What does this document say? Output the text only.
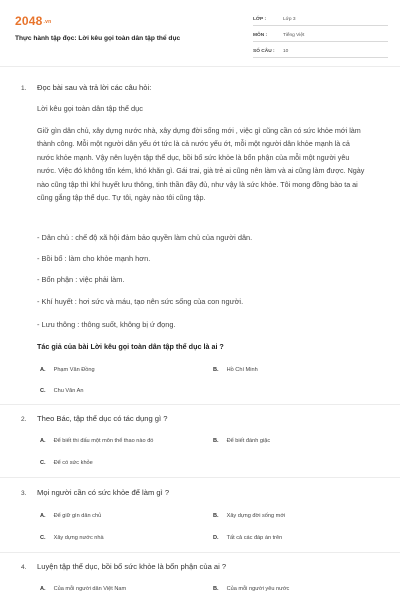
2048.vn
Thực hành tập đọc: Lời kêu gọi toàn dân tập thể dục
LỚP :	Lớp 3
MÔN :	Tiếng Việt
SỐ CÂU :	10
1. Đọc bài sau và trả lời các câu hỏi:
Lời kêu gọi toàn dân tập thể dục
Giữ gìn dân chủ, xây dựng nước nhà, xây dựng đời sống mới , việc gì cũng cần có sức khỏe mới làm thành công. Mỗi một người dân yếu ớt tức là cả nước yếu ớt, mỗi một người dân khỏe mạnh là cả nước khỏe mạnh. Vậy nên luyện tập thể dục, bồi bổ sức khỏe là bổn phận của mỗi một người yêu nước. Việc đó không tốn kém, khó khăn gì. Gái trai, già trẻ ai cũng nên làm và ai cũng làm được. Ngày nào cũng tập thì khí huyết lưu thông, tinh thần đầy đủ, như vậy là sức khỏe. Tôi mong đồng bào ta ai cũng gắng tập thể dục. Tự tôi, ngày nào tôi cũng tập.
- Dân chủ : chế độ xã hội đảm bảo quyền làm chủ của người dân.
- Bồi bổ : làm cho khỏe mạnh hơn.
- Bổn phận : việc phải làm.
- Khí huyết : hơi sức và máu, tạo nên sức sống của con người.
- Lưu thông : thông suốt, không bị ứ đọng.
Tác giả của bài Lời kêu gọi toàn dân tập thể dục là ai ?
A. Phạm Văn Đồng	B. Hồ Chí Minh
C. Chu Văn An
2. Theo Bác, tập thể dục có tác dụng gì ?
A. Để biết thi đấu một môn thể thao nào đó	B. Để biết đánh giặc
C. Để có sức khỏe
3. Mọi người cần có sức khỏe để làm gì ?
A. Để giữ gìn dân chủ	B. Xây dựng đời sống mới
C. Xây dựng nước nhà	D. Tất cả các đáp án trên
4. Luyện tập thể dục, bồi bổ sức khỏe là bổn phận của ai ?
A. Của mỗi người dân Việt Nam	B. Của mỗi người yêu nước
